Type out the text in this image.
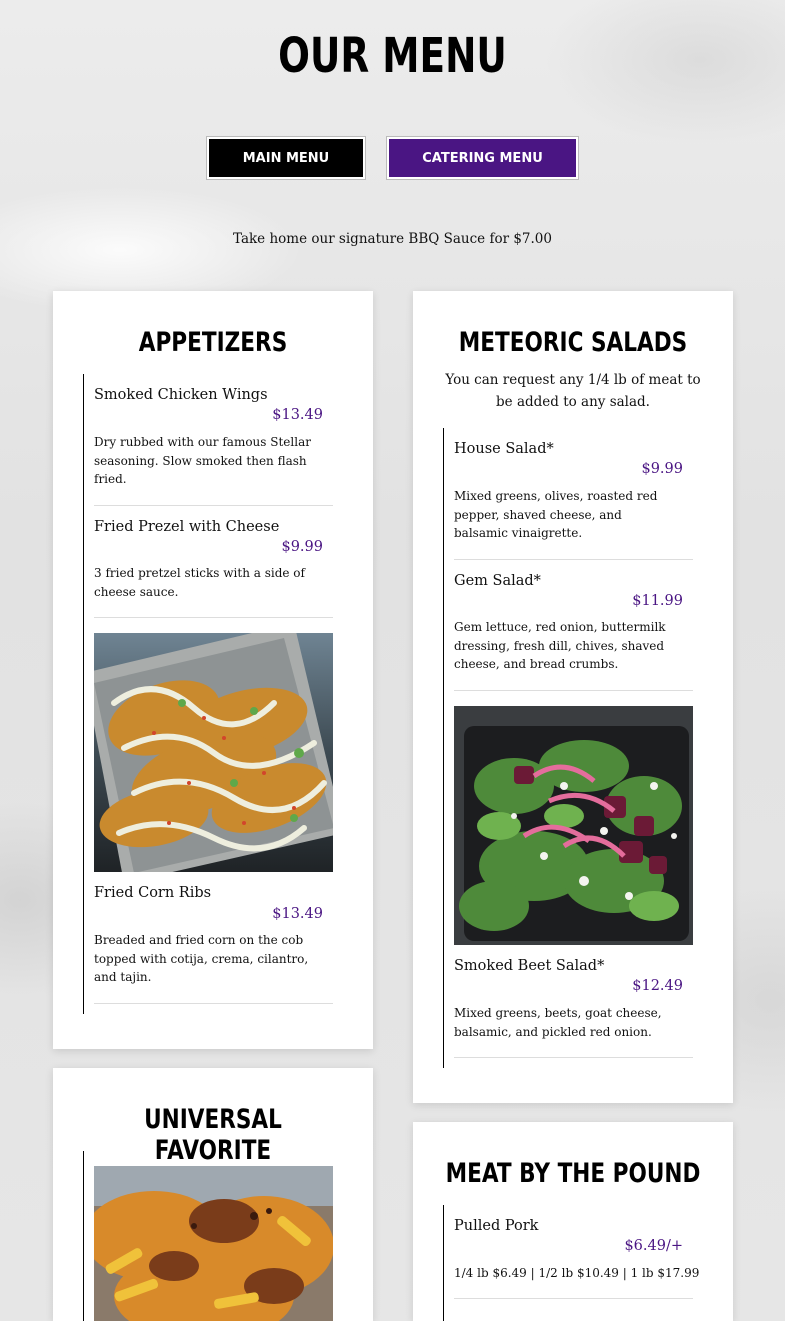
OUR MENU
MAIN MENU	CATERING MENU
Take home our signature BBQ Sauce for $7.00
APPETIZERS
Smoked Chicken Wings
$13.49
Dry rubbed with our famous Stellar seasoning. Slow smoked then flash fried.
Fried Prezel with Cheese
$9.99
3 fried pretzel sticks with a side of cheese sauce.
Fried Corn Ribs
$13.49
Breaded and fried corn on the cob topped with cotija, crema, cilantro, and tajin.
METEORIC SALADS
You can request any 1/4 lb of meat to be added to any salad.
House Salad*
$9.99
Mixed greens, olives, roasted red pepper, shaved cheese, and balsamic vinaigrette.
Gem Salad*
$11.99
Gem lettuce, red onion, buttermilk dressing, fresh dill, chives, shaved cheese, and bread crumbs.
Smoked Beet Salad*
$12.49
Mixed greens, beets, goat cheese, balsamic, and pickled red onion.
UNIVERSAL FAVORITE
MEAT BY THE POUND
Pulled Pork
$6.49/+
1/4 lb $6.49 | 1/2 lb $10.49 | 1 lb $17.99
